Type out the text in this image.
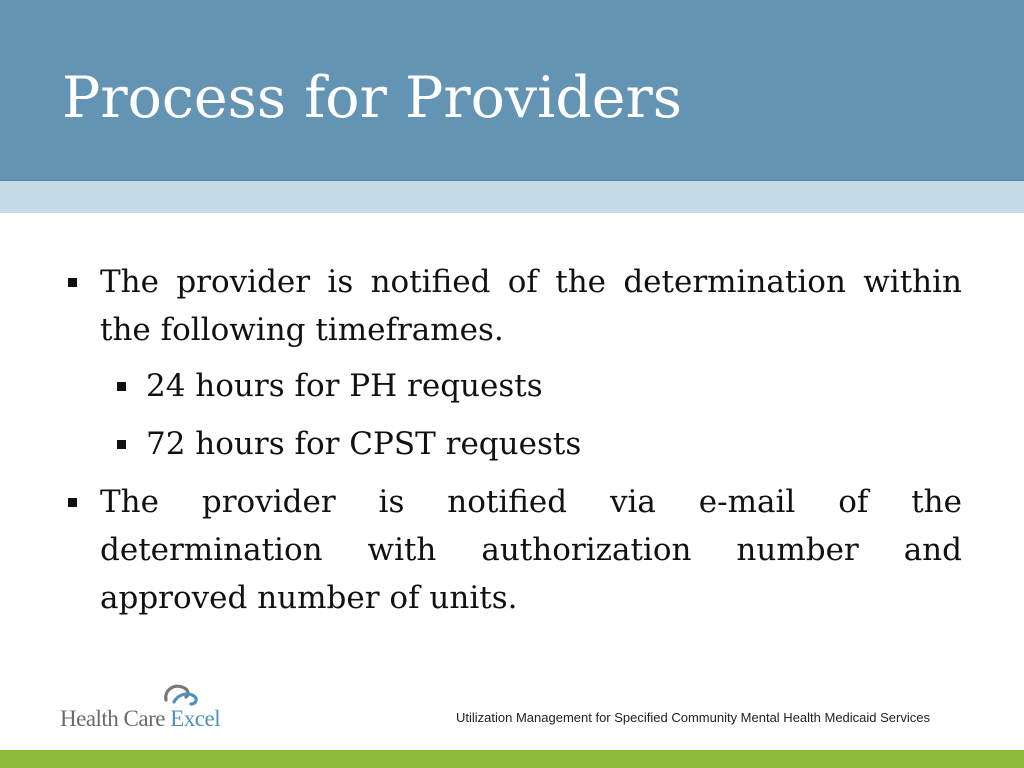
Process for Providers

The provider is notified of the determination within the following timeframes.

24 hours for PH requests

72 hours for CPST requests

The provider is notified via e-mail of the determination with authorization number and approved number of units.

Health Care Excel	Utilization Management for Specified Community Mental Health Medicaid Services
